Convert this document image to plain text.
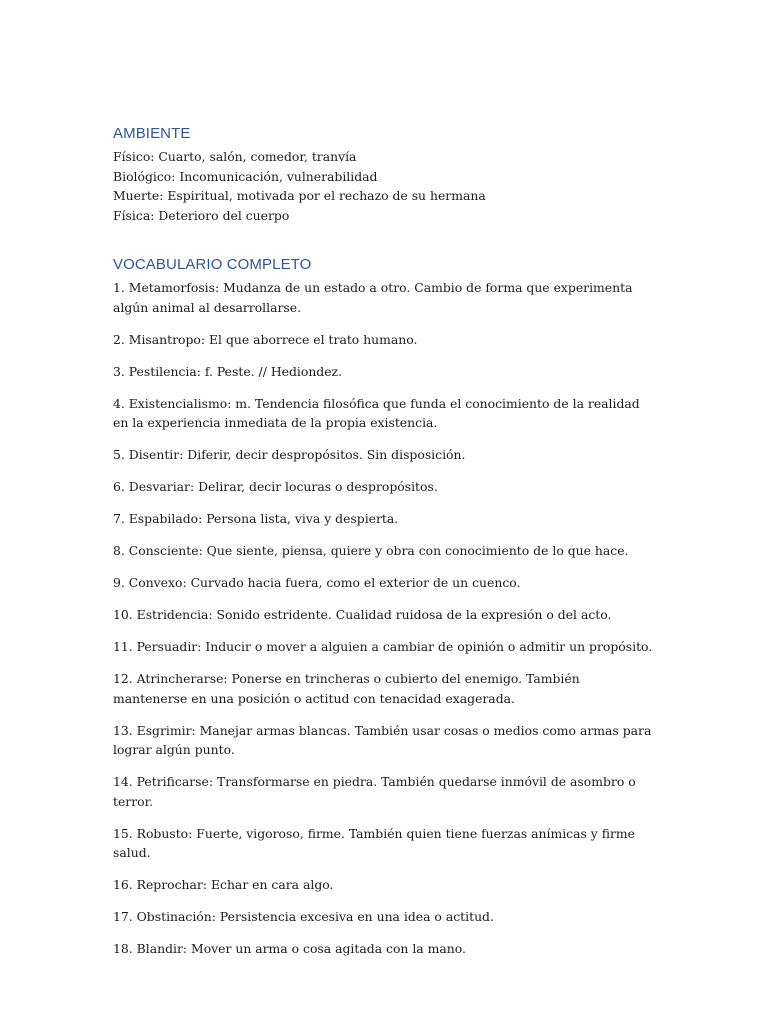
AMBIENTE

Físico: Cuarto, salón, comedor, tranvía

Biológico: Incomunicación, vulnerabilidad

Muerte: Espiritual, motivada por el rechazo de su hermana

Física: Deterioro del cuerpo

VOCABULARIO COMPLETO
1. Metamorfosis: Mudanza de un estado a otro. Cambio de forma que experimenta algún animal al desarrollarse.
2. Misantropo: El que aborrece el trato humano.
3. Pestilencia: f. Peste. // Hediondez.
4. Existencialismo: m. Tendencia filosófica que funda el conocimiento de la realidad en la experiencia inmediata de la propia existencia.
5. Disentir: Diferir, decir despropósitos. Sin disposición.
6. Desvariar: Delirar, decir locuras o despropósitos.
7. Espabilado: Persona lista, viva y despierta.
8. Consciente: Que siente, piensa, quiere y obra con conocimiento de lo que hace.
9. Convexo: Curvado hacia fuera, como el exterior de un cuenco.
10. Estridencia: Sonido estridente. Cualidad ruidosa de la expresión o del acto.
11. Persuadir: Inducir o mover a alguien a cambiar de opinión o admitir un propósito.
12. Atrincherarse: Ponerse en trincheras o cubierto del enemigo. También mantenerse en una posición o actitud con tenacidad exagerada.
13. Esgrimir: Manejar armas blancas. También usar cosas o medios como armas para lograr algún punto.
14. Petrificarse: Transformarse en piedra. También quedarse inmóvil de asombro o terror.
15. Robusto: Fuerte, vigoroso, firme. También quien tiene fuerzas anímicas y firme salud.
16. Reprochar: Echar en cara algo.
17. Obstinación: Persistencia excesiva en una idea o actitud.
18. Blandir: Mover un arma o cosa agitada con la mano.
